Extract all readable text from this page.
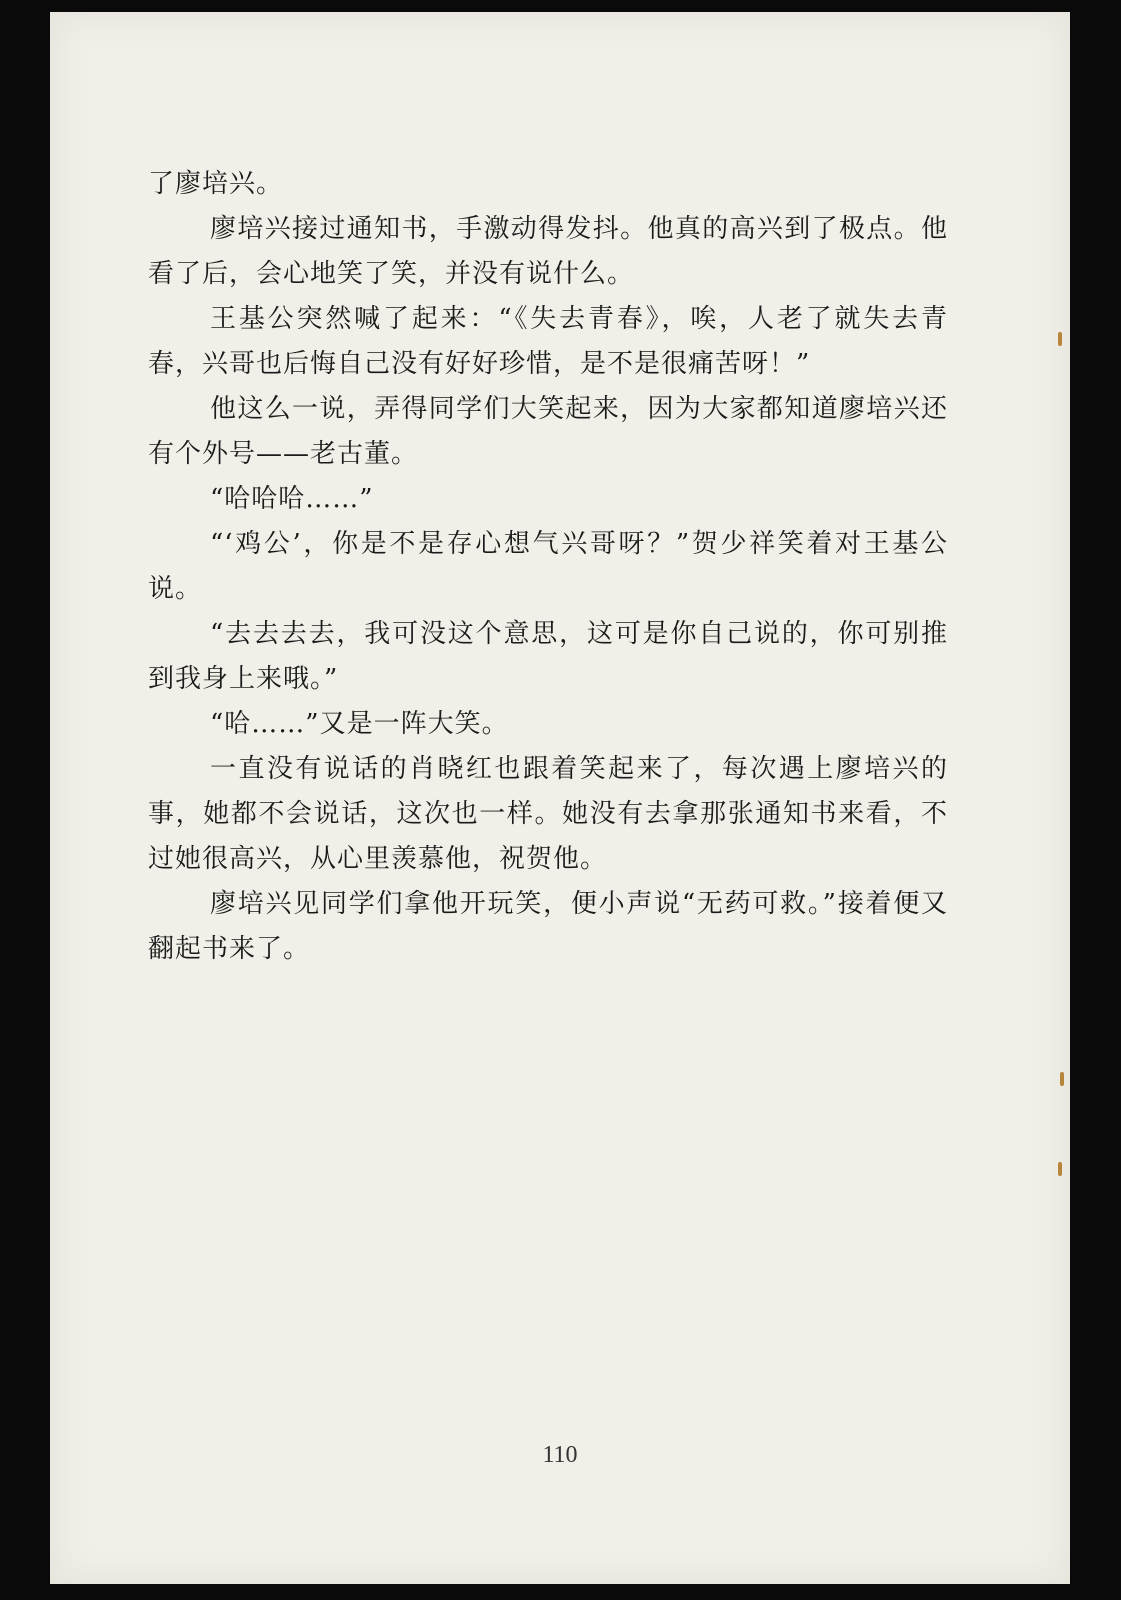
了廖培兴。

廖培兴接过通知书，手激动得发抖。他真的高兴到了极点。他看了后，会心地笑了笑，并没有说什么。

王基公突然喊了起来：“《失去青春》，唉，人老了就失去青春，兴哥也后悔自己没有好好珍惜，是不是很痛苦呀！”

他这么一说，弄得同学们大笑起来，因为大家都知道廖培兴还有个外号——老古董。

“哈哈哈……”

“‘鸡公’，你是不是存心想气兴哥呀？”贺少祥笑着对王基公说。

“去去去去，我可没这个意思，这可是你自己说的，你可别推到我身上来哦。”

“哈……”又是一阵大笑。

一直没有说话的肖晓红也跟着笑起来了，每次遇上廖培兴的事，她都不会说话，这次也一样。她没有去拿那张通知书来看，不过她很高兴，从心里羡慕他，祝贺他。

廖培兴见同学们拿他开玩笑，便小声说“无药可救。”接着便又翻起书来了。

110
